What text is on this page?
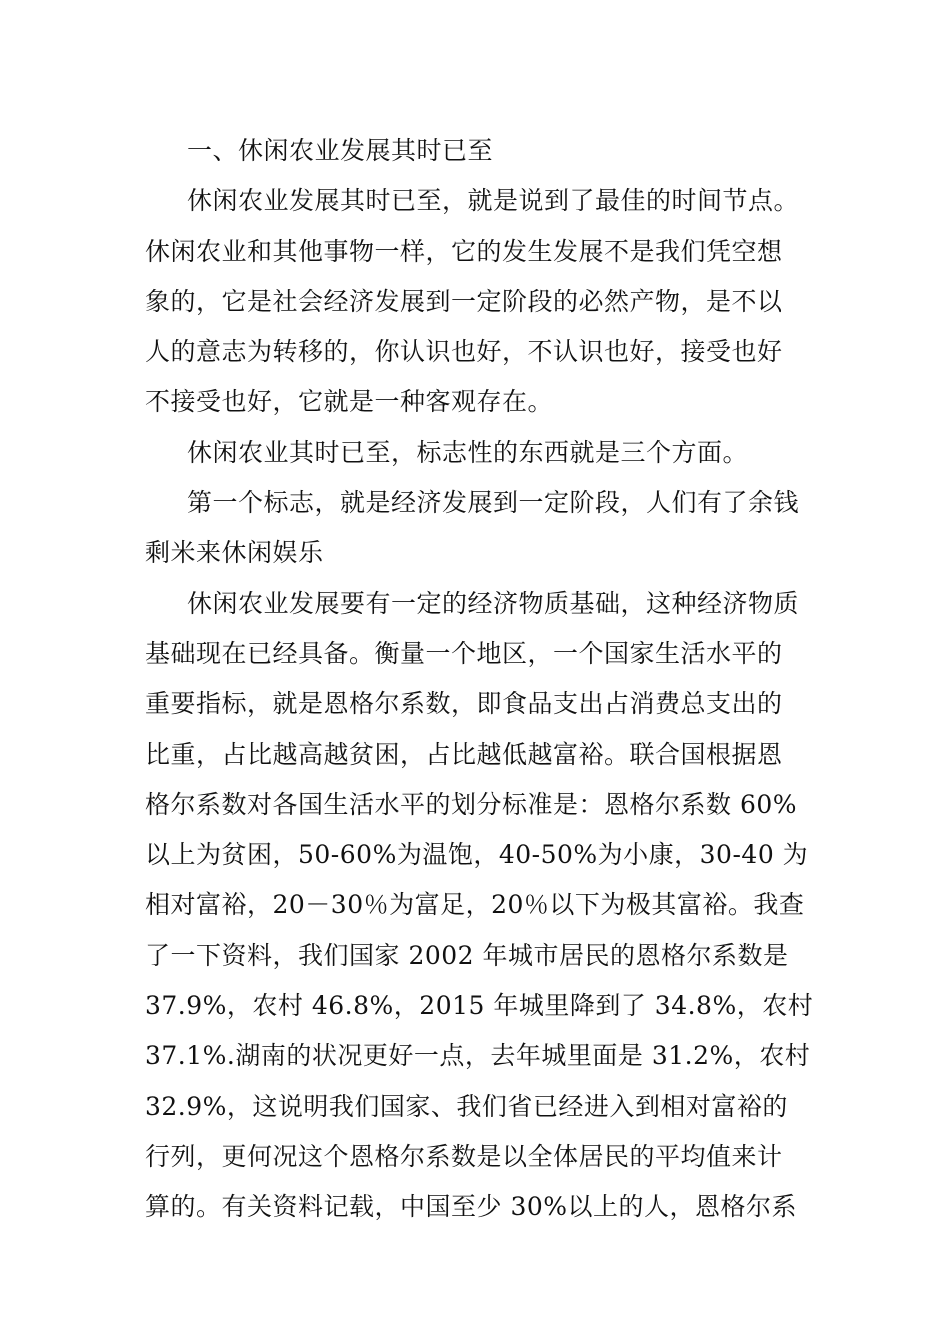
一、休闲农业发展其时已至
休闲农业发展其时已至，就是说到了最佳的时间节点。
休闲农业和其他事物一样，它的发生发展不是我们凭空想
象的，它是社会经济发展到一定阶段的必然产物，是不以
人的意志为转移的，你认识也好，不认识也好，接受也好
不接受也好，它就是一种客观存在。
休闲农业其时已至，标志性的东西就是三个方面。
第一个标志，就是经济发展到一定阶段，人们有了余钱
剩米来休闲娱乐
休闲农业发展要有一定的经济物质基础，这种经济物质
基础现在已经具备。衡量一个地区，一个国家生活水平的
重要指标，就是恩格尔系数，即食品支出占消费总支出的
比重，占比越高越贫困，占比越低越富裕。联合国根据恩
格尔系数对各国生活水平的划分标准是：恩格尔系数 60%
以上为贫困，50-60%为温饱，40-50%为小康，30-40 为
相对富裕，20－30％为富足，20％以下为极其富裕。我查
了一下资料，我们国家 2002 年城市居民的恩格尔系数是
37.9%，农村 46.8%，2015 年城里降到了 34.8%，农村
37.1%.湖南的状况更好一点，去年城里面是 31.2%，农村
32.9%，这说明我们国家、我们省已经进入到相对富裕的
行列，更何况这个恩格尔系数是以全体居民的平均值来计
算的。有关资料记载，中国至少 30%以上的人，恩格尔系
